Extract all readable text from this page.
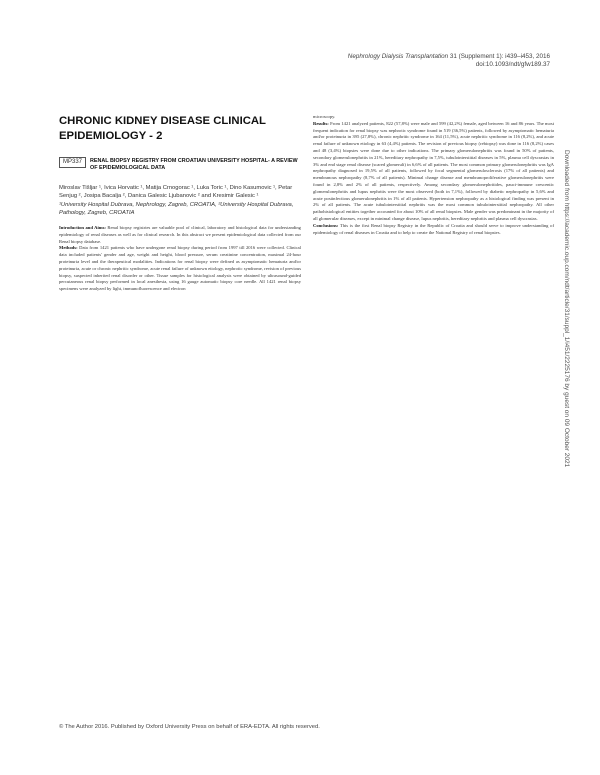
Nephrology Dialysis Transplantation 31 (Supplement 1): i439–i453, 2016
doi:10.1093/ndt/gfw189.37
CHRONIC KIDNEY DISEASE CLINICAL EPIDEMIOLOGY - 2
MP337	RENAL BIOPSY REGISTRY FROM CROATIAN UNIVERSITY HOSPITAL- A REVIEW OF EPIDEMIOLOGICAL DATA
Miroslav Tišljar ¹, Ivica Horvatic ¹, Matija Crnogorac ¹, Luka Toric ¹, Dino Kasumovic ¹, Petar Senjug ², Josipa Bacalja ², Danica Galesic Ljubanovic ² and Kresimir Galesic ¹
¹University Hospital Dubrava, Nephrology, Zagreb, CROATIA, ²University Hospital Dubrava, Pathology, Zagreb, CROATIA

Introduction and Aims: Renal biopsy registries are valuable pool of clinical, laboratory and histological data for understanding epidemiology of renal diseases as well as for clinical research. In this abstract we present epidemiological data collected from our Renal biopsy database.

Methods: Data from 1421 patients who have undergone renal biopsy during period from 1997 till 2016 were collected. Clinical data included patients' gender and age, weight and height, blood pressure, serum creatinine concentration, maximal 24-hour proteinuria level and the therapeutical modalities. Indications for renal biopsy were defined as asymptomatic hematuria and/or proteinuria, acute or chronic nephritic syndrome, acute renal failure of unknown etiology, nephrotic syndrome, revision of previous biopsy, suspected inherited renal disorder or other. Tissue samples for histological analysis were obtained by ultrasound-guided percutaneous renal biopsy performed in local anesthesia, using 16 gauge automatic biopsy core needle. All 1421 renal biopsy specimens were analyzed by light, immunofluorescence and electron

microscopy.

Results: From 1421 analyzed patients, 822 (57,8%) were male and 599 (42,2%) female, aged between 16 and 86 years. The most frequent indication for renal biopsy was nephrotic syndrome found in 519 (36,5%) patients, followed by asymptomatic hematuria and/or proteinuria in 395 (27,8%), chronic nephritic syndrome in 164 (11,5%), acute nephritic syndrome in 116 (8,2%), and acute renal failure of unknown etiology in 63 (4,4%) patients. The revision of previous biopsy (rebiopsy) was done in 116 (8,2%) cases and 48 (3,4%) biopsies were done due to other indications. The primary glomerulonephritis was found in 50% of patients, secondary glomerulonephritis in 21%, hereditary nephropathy in 7,5%, tubulointerstitial diseases in 5%, plasma cell dyscrasias in 3% and end stage renal disease (scared glomeruli) in 6,6% of all patients. The most common primary glomerulonephritis was IgA nephropathy diagnosed in 19,5% of all patients, followed by focal segmental glomerulosclerosis (17% of all patients) and membranous nephropathy (8,7% of all patients). Minimal change disease and membranoproliferative glomerulonephritis were found in 2,8% and 2% of all patients, respectively. Among secondary glomerulonephritides, pauci-immune crescentic glomerulonephritis and lupus nephritis were the most observed (both in 7,1%), followed by diabetic nephropathy in 5,6% and acute postinfectious glomerulonephritis in 1% of all patients. Hypertension nephropathy as a histological finding was present in 2% of all patients. The acute tubulointerstitial nephritis was the most common tubulointerstitial nephropathy. All other pathohistological entities together accounted for about 10% of all renal biopsies. Male gender was predominant in the majority of all glomerular diseases, except in minimal change disease, lupus nephritis, hereditary nephritis and plasma cell dyscrasias.

Conclusions: This is the first Renal biopsy Registry in the Republic of Croatia and should serve to improve understanding of epidemiology of renal diseases in Croatia and to help to create the National Registry of renal biopsies.	Downloaded from https://academic.oup.com/ndt/article/31/suppl_1/i451/2225176 by guest on 09 October 2021
© The Author 2016. Published by Oxford University Press on behalf of ERA-EDTA. All rights reserved.
